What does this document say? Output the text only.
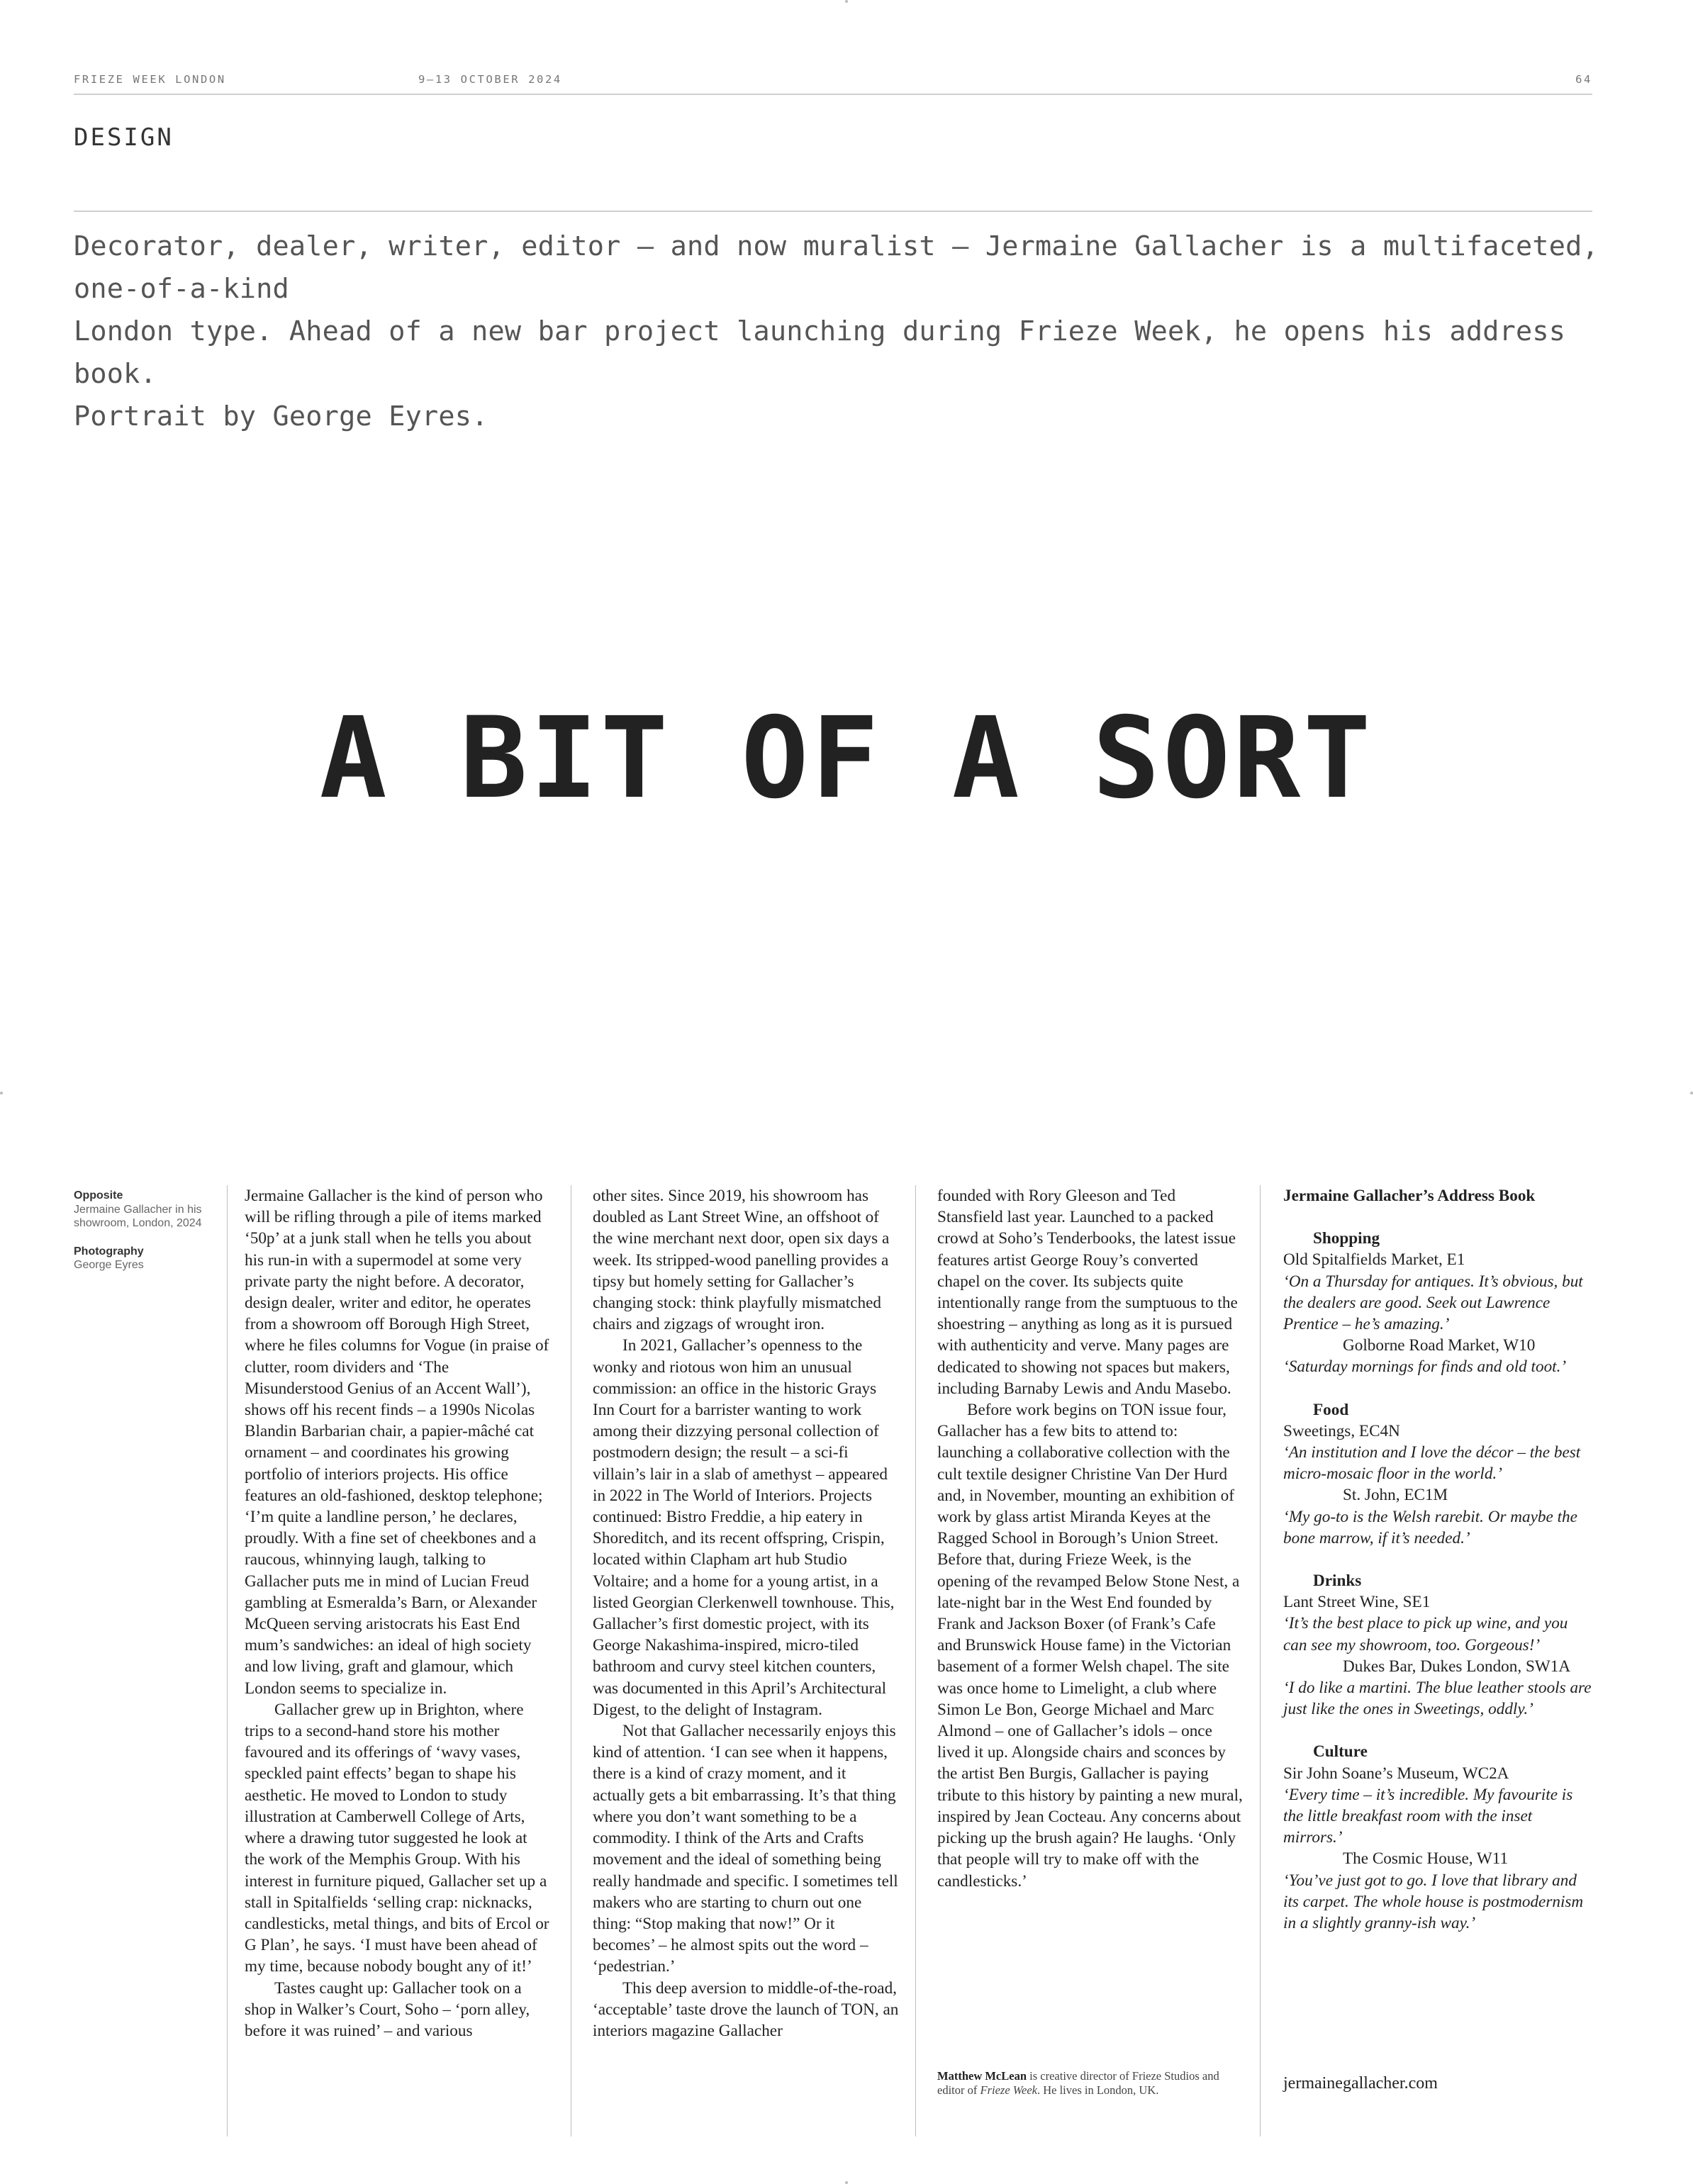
FRIEZE WEEK LONDON	9–13 OCTOBER 2024	64
DESIGN
Decorator, dealer, writer, editor – and now muralist – Jermaine Gallacher is a multifaceted, one-of-a-kind
London type. Ahead of a new bar project launching during Frieze Week, he opens his address book.
Portrait by George Eyres.
A BIT OF A SORT
Opposite
Jermaine Gallacher in his showroom, London, 2024
Photography
George Eyres

Jermaine Gallacher is the kind of person who will be rifling through a pile of items marked ‘50p’ at a junk stall when he tells you about his run-in with a supermodel at some very private party the night before. A decorator, design dealer, writer and editor, he operates from a showroom off Borough High Street, where he files columns for Vogue (in praise of clutter, room dividers and ‘The Misunderstood Genius of an Accent Wall’), shows off his recent finds – a 1990s Nicolas Blandin Barbarian chair, a papier-mâché cat ornament – and coordinates his growing portfolio of interiors projects. His office features an old-fashioned, desktop telephone; ‘I’m quite a landline person,’ he declares, proudly. With a fine set of cheekbones and a raucous, whinnying laugh, talking to Gallacher puts me in mind of Lucian Freud gambling at Esmeralda’s Barn, or Alexander McQueen serving aristocrats his East End mum’s sandwiches: an ideal of high society and low living, graft and glamour, which London seems to specialize in.

Gallacher grew up in Brighton, where trips to a second-hand store his mother favoured and its offerings of ‘wavy vases, speckled paint effects’ began to shape his aesthetic. He moved to London to study illustration at Camberwell College of Arts, where a drawing tutor suggested he look at the work of the Memphis Group. With his interest in furniture piqued, Gallacher set up a stall in Spitalfields ‘selling crap: nicknacks, candlesticks, metal things, and bits of Ercol or G Plan’, he says. ‘I must have been ahead of my time, because nobody bought any of it!’

Tastes caught up: Gallacher took on a shop in Walker’s Court, Soho – ‘porn alley, before it was ruined’ – and various

other sites. Since 2019, his showroom has doubled as Lant Street Wine, an offshoot of the wine merchant next door, open six days a week. Its stripped-wood panelling provides a tipsy but homely setting for Gallacher’s changing stock: think playfully mismatched chairs and zigzags of wrought iron.

In 2021, Gallacher’s openness to the wonky and riotous won him an unusual commission: an office in the historic Grays Inn Court for a barrister wanting to work among their dizzying personal collection of postmodern design; the result – a sci-fi villain’s lair in a slab of amethyst – appeared in 2022 in The World of Interiors. Projects continued: Bistro Freddie, a hip eatery in Shoreditch, and its recent offspring, Crispin, located within Clapham art hub Studio Voltaire; and a home for a young artist, in a listed Georgian Clerkenwell townhouse. This, Gallacher’s first domestic project, with its George Nakashima-inspired, micro-tiled bathroom and curvy steel kitchen counters, was documented in this April’s Architectural Digest, to the delight of Instagram.

Not that Gallacher necessarily enjoys this kind of attention. ‘I can see when it happens, there is a kind of crazy moment, and it actually gets a bit embarrassing. It’s that thing where you don’t want something to be a commodity. I think of the Arts and Crafts movement and the ideal of something being really handmade and specific. I sometimes tell makers who are starting to churn out one thing: “Stop making that now!” Or it becomes’ – he almost spits out the word – ‘pedestrian.’

This deep aversion to middle-of-the-road, ‘acceptable’ taste drove the launch of TON, an interiors magazine Gallacher

founded with Rory Gleeson and Ted Stansfield last year. Launched to a packed crowd at Soho’s Tenderbooks, the latest issue features artist George Rouy’s converted chapel on the cover. Its subjects quite intentionally range from the sumptuous to the shoestring – anything as long as it is pursued with authenticity and verve. Many pages are dedicated to showing not spaces but makers, including Barnaby Lewis and Andu Masebo.

Before work begins on TON issue four, Gallacher has a few bits to attend to: launching a collaborative collection with the cult textile designer Christine Van Der Hurd and, in November, mounting an exhibition of work by glass artist Miranda Keyes at the Ragged School in Borough’s Union Street. Before that, during Frieze Week, is the opening of the revamped Below Stone Nest, a late-night bar in the West End founded by Frank and Jackson Boxer (of Frank’s Cafe and Brunswick House fame) in the Victorian basement of a former Welsh chapel. The site was once home to Limelight, a club where Simon Le Bon, George Michael and Marc Almond – one of Gallacher’s idols – once lived it up. Alongside chairs and sconces by the artist Ben Burgis, Gallacher is paying tribute to this history by painting a new mural, inspired by Jean Cocteau. Any concerns about picking up the brush again? He laughs. ‘Only that people will try to make off with the candlesticks.’

Matthew McLean is creative director of Frieze Studios and editor of Frieze Week. He lives in London, UK.
Jermaine Gallacher’s Address Book
Shopping
Old Spitalfields Market, E1
‘On a Thursday for antiques. It’s obvious, but the dealers are good. Seek out Lawrence Prentice – he’s amazing.’
Golborne Road Market, W10
‘Saturday mornings for finds and old toot.’
Food
Sweetings, EC4N
‘An institution and I love the décor – the best micro-mosaic floor in the world.’
St. John, EC1M
‘My go-to is the Welsh rarebit. Or maybe the bone marrow, if it’s needed.’
Drinks
Lant Street Wine, SE1
‘It’s the best place to pick up wine, and you can see my showroom, too. Gorgeous!’
Dukes Bar, Dukes London, SW1A
‘I do like a martini. The blue leather stools are just like the ones in Sweetings, oddly.’
Culture
Sir John Soane’s Museum, WC2A
‘Every time – it’s incredible. My favourite is the little breakfast room with the inset mirrors.’
The Cosmic House, W11
‘You’ve just got to go. I love that library and its carpet. The whole house is postmodernism in a slightly granny-ish way.’
jermainegallacher.com
